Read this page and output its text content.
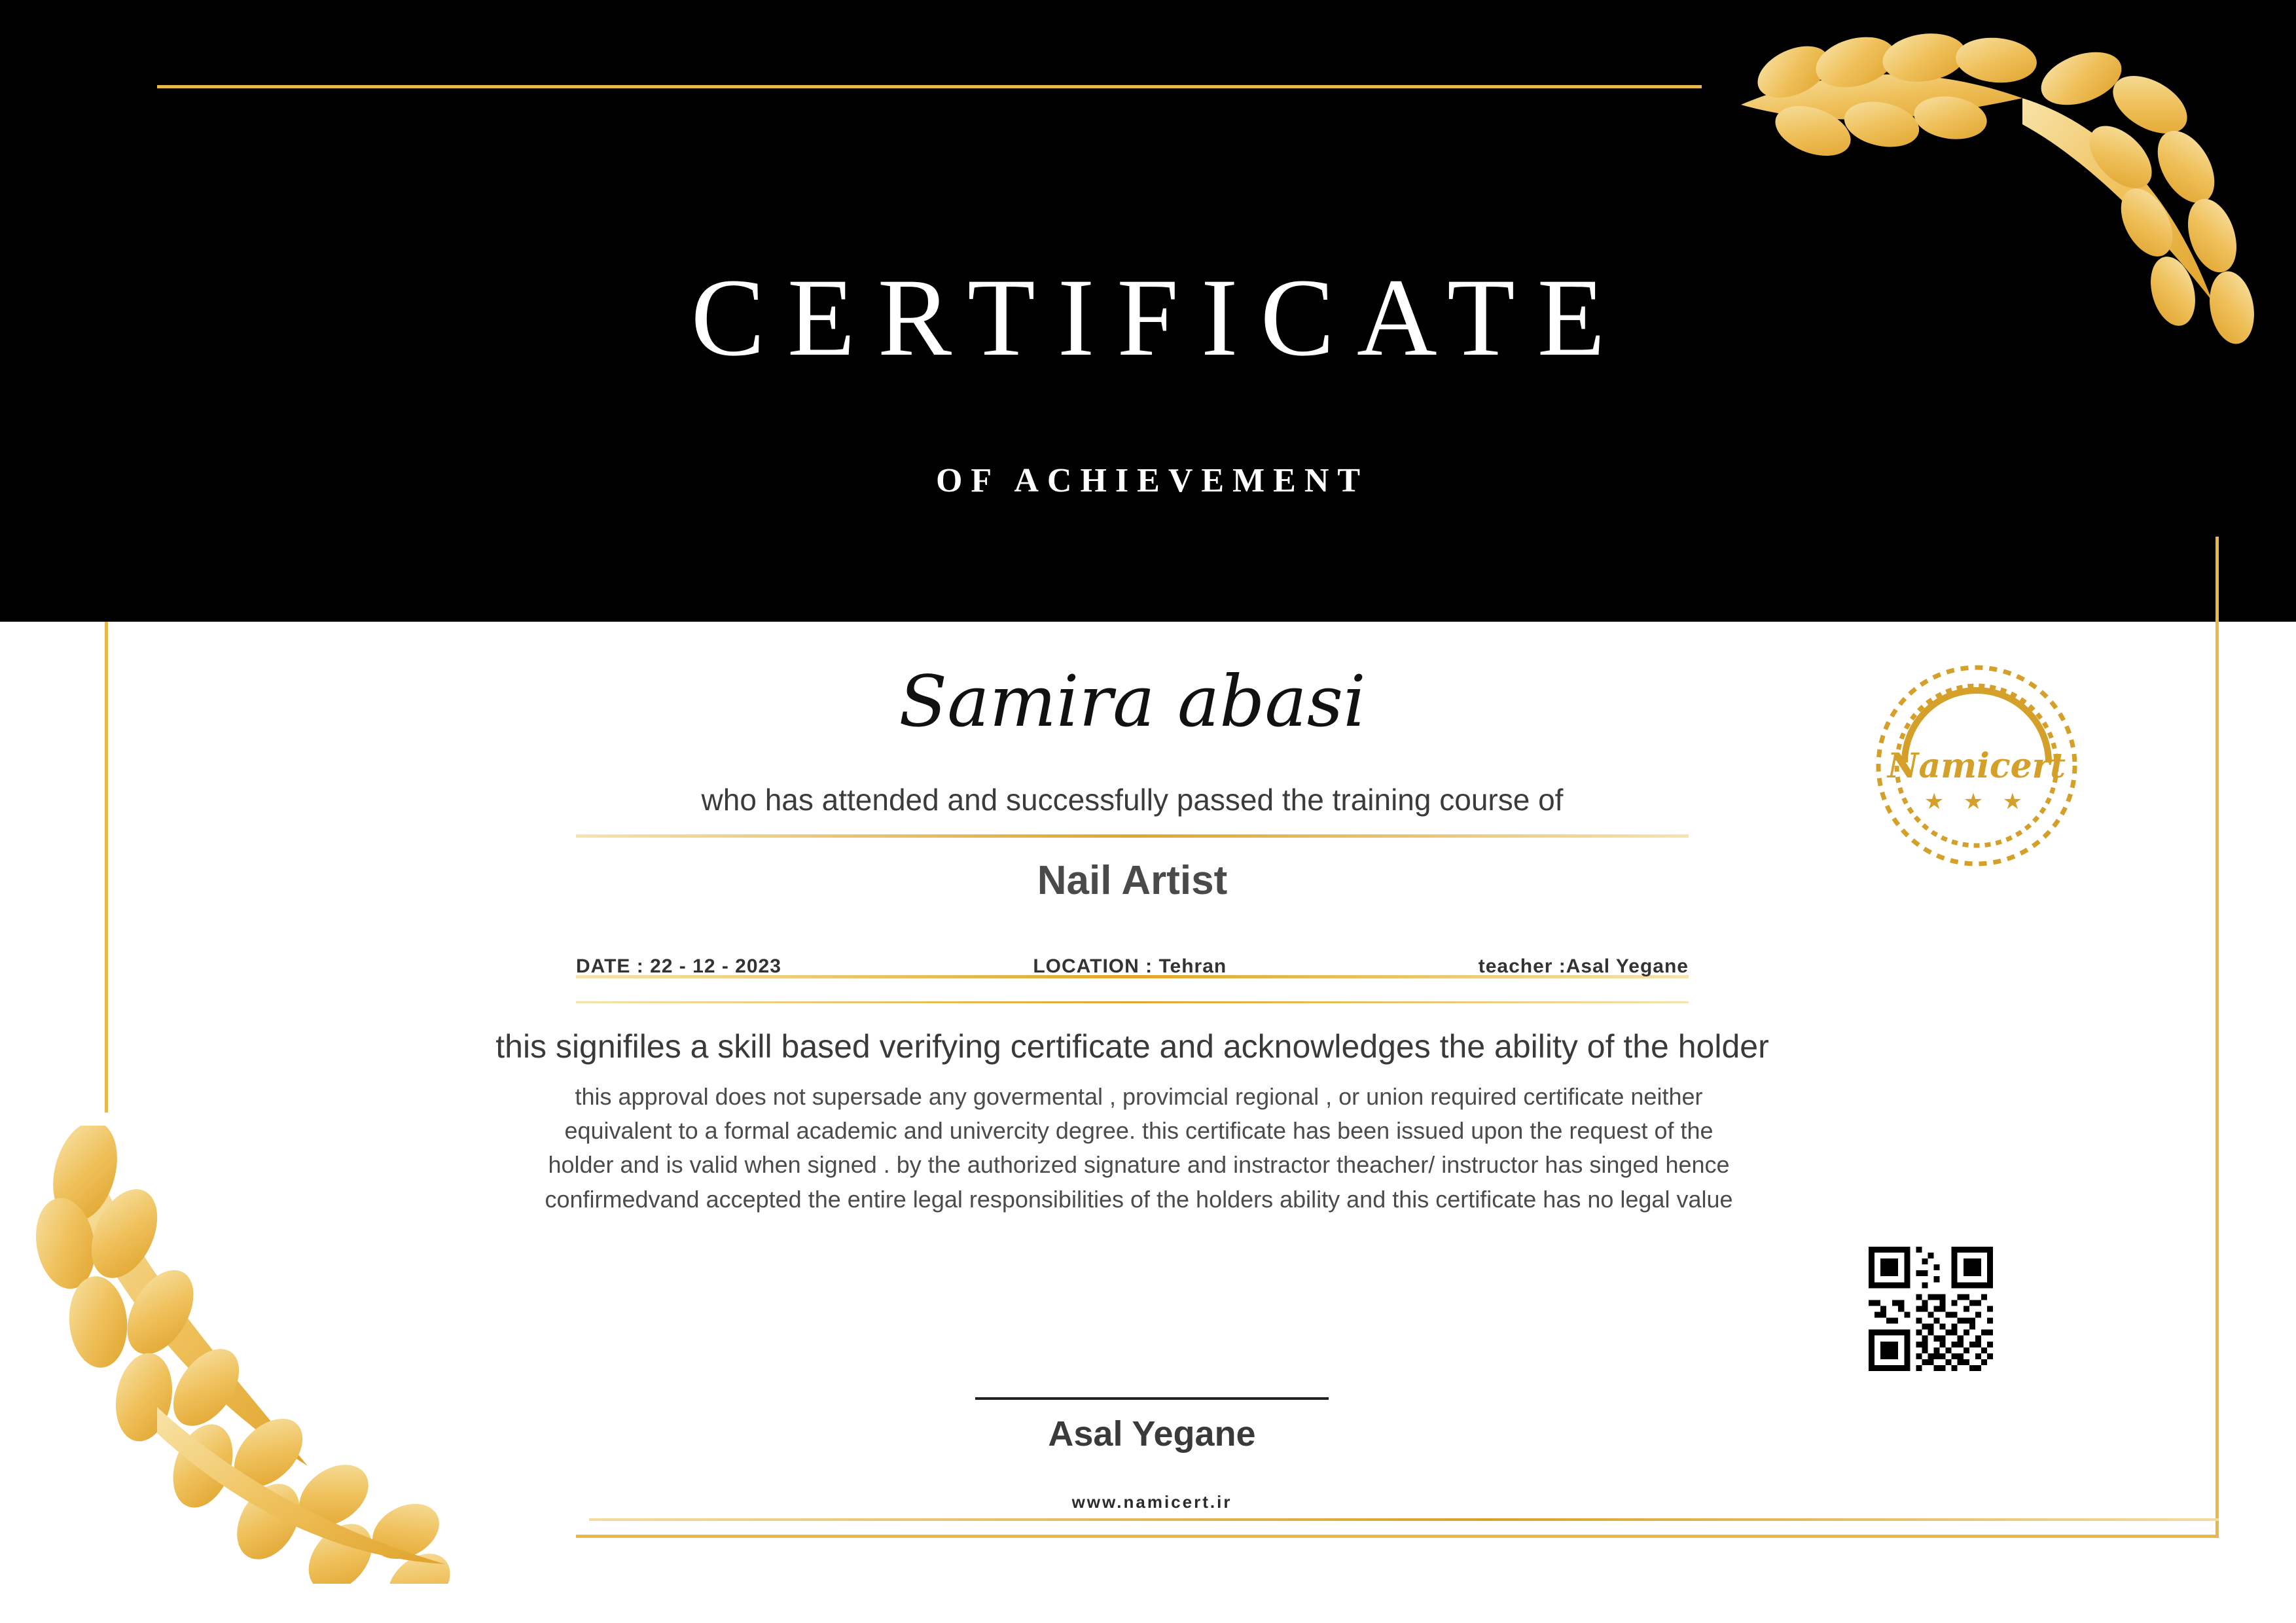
CERTIFICATE
OF ACHIEVEMENT
Namicert
★ ★ ★
Samira abasi
who has attended and successfully passed the training course of
Nail Artist
DATE : 22 - 12 - 2023	LOCATION : Tehran	teacher :Asal Yegane
this signifiles a skill based verifying certificate and acknowledges the ability of the holder
this approval does not supersade any govermental , provimcial regional , or union required certificate neither equivalent to a formal academic and univercity degree. this certificate has been issued upon the request of the holder and is valid when signed . by the authorized signature and instractor theacher/ instructor has singed hence confirmedvand accepted the entire legal responsibilities of the holders ability and this certificate has no legal value
Asal Yegane
www.namicert.ir
